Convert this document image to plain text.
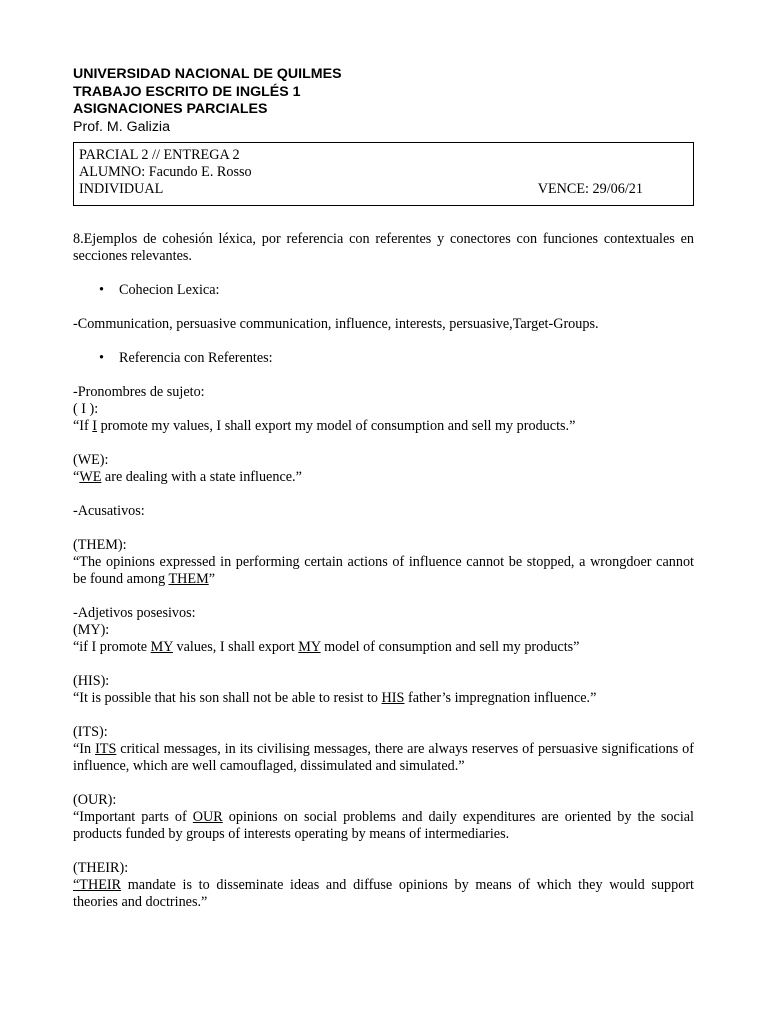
UNIVERSIDAD NACIONAL DE QUILMES
TRABAJO ESCRITO DE INGLÉS 1
ASIGNACIONES PARCIALES
Prof. M. Galizia
PARCIAL 2 // ENTREGA 2
ALUMNO: Facundo E. Rosso
INDIVIDUAL	VENCE: 29/06/21

8.Ejemplos de cohesión léxica, por referencia con referentes y conectores con funciones contextuales en secciones relevantes.

•	Cohecion Lexica:

-Communication, persuasive communication, influence, interests, persuasive,Target-Groups.

•	Referencia con Referentes:

-Pronombres de sujeto:

( I ):

“If I promote my values, I shall export my model of consumption and sell my products.”

(WE):

“WE are dealing with a state influence.”

-Acusativos:

(THEM):

“The opinions expressed in performing certain actions of influence cannot be stopped, a wrongdoer cannot be found among THEM”

-Adjetivos posesivos:

(MY):

“if I promote MY values, I shall export MY model of consumption and sell my products”

(HIS):

“It is possible that his son shall not be able to resist to HIS father’s impregnation influence.”

(ITS):

“In ITS critical messages, in its civilising messages, there are always reserves of persuasive significations of influence, which are well camouflaged, dissimulated and simulated.”

(OUR):

“Important parts of OUR opinions on social problems and daily expenditures are oriented by the social products funded by groups of interests operating by means of intermediaries.

(THEIR):

“THEIR mandate is to disseminate ideas and diffuse opinions by means of which they would support theories and doctrines.”
